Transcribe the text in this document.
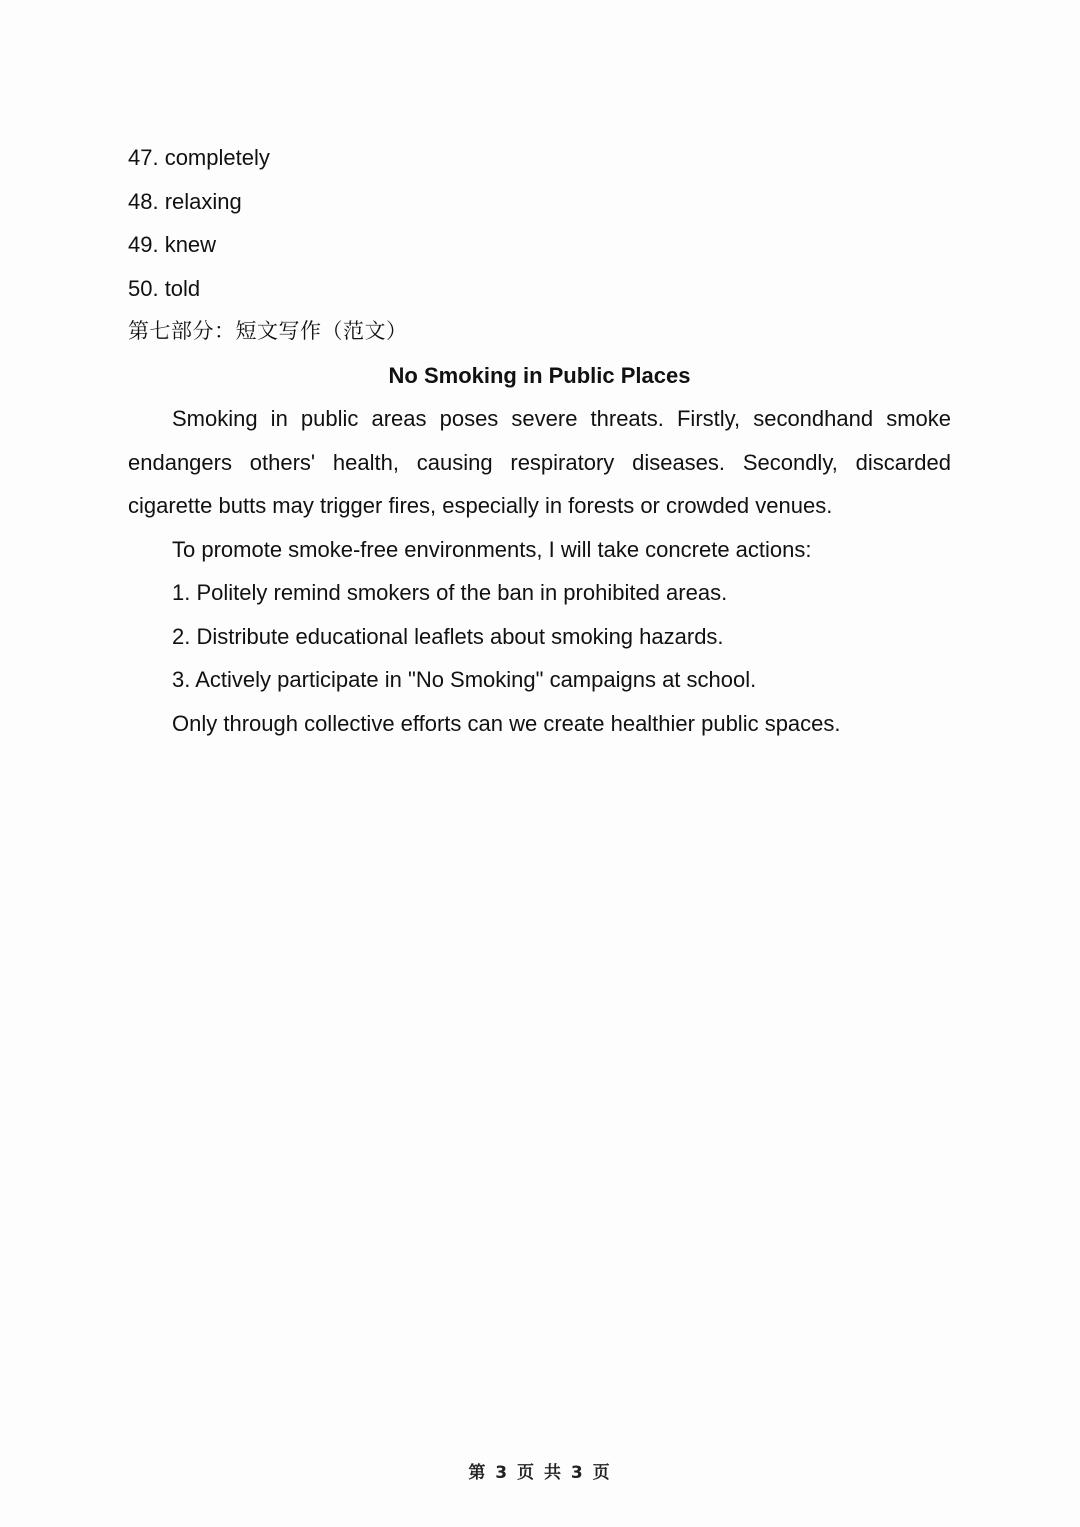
47. completely

48. relaxing

49. knew

50. told

第七部分：短文写作（范文）

No Smoking in Public Places

Smoking in public areas poses severe threats. Firstly, secondhand smoke endangers others' health, causing respiratory diseases. Secondly, discarded cigarette butts may trigger fires, especially in forests or crowded venues.

To promote smoke-free environments, I will take concrete actions:

1. Politely remind smokers of the ban in prohibited areas.

2. Distribute educational leaflets about smoking hazards.

3. Actively participate in "No Smoking" campaigns at school.

Only through collective efforts can we create healthier public spaces.

第 3 页 共 3 页
